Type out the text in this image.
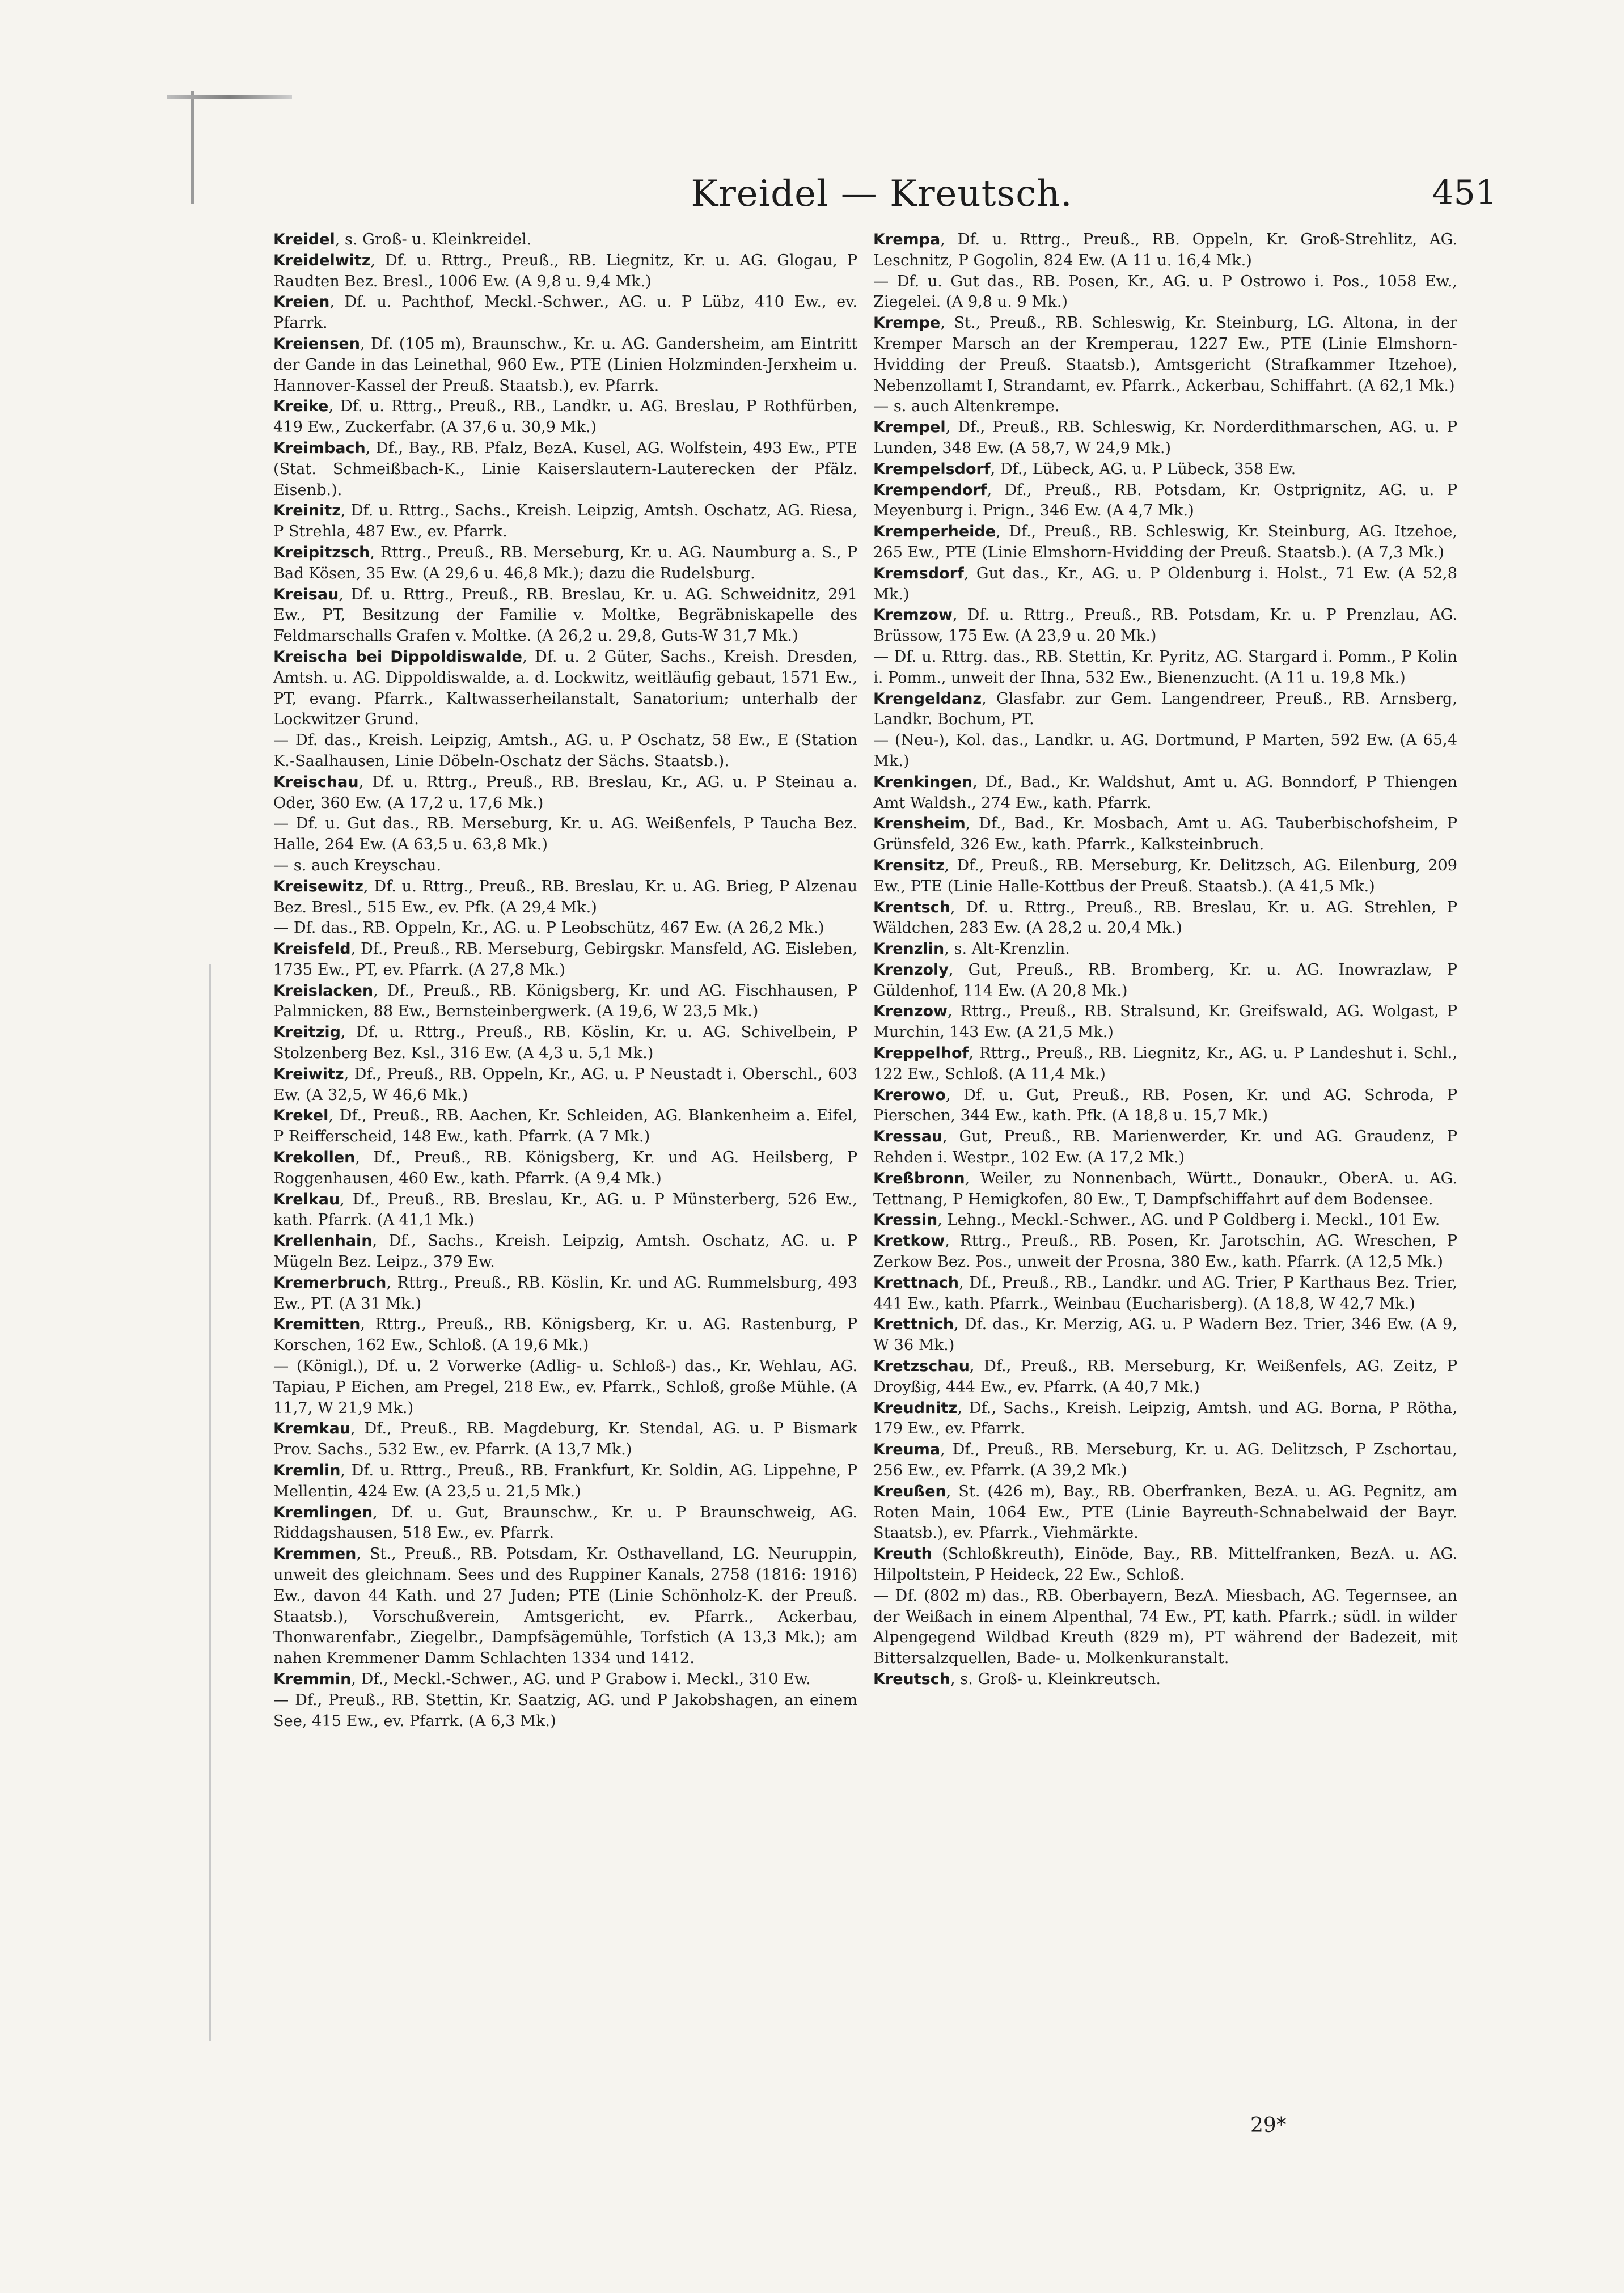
Kreidel — Kreutsch.	451

Kreidel, s. Groß- u. Kleinkreidel.

Kreidelwitz, Df. u. Rttrg., Preuß., RB. Liegnitz, Kr. u. AG. Glogau, P Raudten Bez. Bresl., 1006 Ew. (A 9,8 u. 9,4 Mk.)

Kreien, Df. u. Pachthof, Meckl.-Schwer., AG. u. P Lübz, 410 Ew., ev. Pfarrk.

Kreiensen, Df. (105 m), Braunschw., Kr. u. AG. Gandersheim, am Eintritt der Gande in das Leinethal, 960 Ew., PTE (Linien Holzminden-Jerxheim u. Hannover-Kassel der Preuß. Staatsb.), ev. Pfarrk.

Kreike, Df. u. Rttrg., Preuß., RB., Landkr. u. AG. Breslau, P Rothfürben, 419 Ew., Zuckerfabr. (A 37,6 u. 30,9 Mk.)

Kreimbach, Df., Bay., RB. Pfalz, BezA. Kusel, AG. Wolfstein, 493 Ew., PTE (Stat. Schmeißbach-K., Linie Kaiserslautern-Lauterecken der Pfälz. Eisenb.).

Kreinitz, Df. u. Rttrg., Sachs., Kreish. Leipzig, Amtsh. Oschatz, AG. Riesa, P Strehla, 487 Ew., ev. Pfarrk.

Kreipitzsch, Rttrg., Preuß., RB. Merseburg, Kr. u. AG. Naumburg a. S., P Bad Kösen, 35 Ew. (A 29,6 u. 46,8 Mk.); dazu die Rudelsburg.

Kreisau, Df. u. Rttrg., Preuß., RB. Breslau, Kr. u. AG. Schweidnitz, 291 Ew., PT, Besitzung der Familie v. Moltke, Begräbniskapelle des Feldmarschalls Grafen v. Moltke. (A 26,2 u. 29,8, Guts-W 31,7 Mk.)

Kreischa bei Dippoldiswalde, Df. u. 2 Güter, Sachs., Kreish. Dresden, Amtsh. u. AG. Dippoldiswalde, a. d. Lockwitz, weitläufig gebaut, 1571 Ew., PT, evang. Pfarrk., Kaltwasserheilanstalt, Sanatorium; unterhalb der Lockwitzer Grund.

— Df. das., Kreish. Leipzig, Amtsh., AG. u. P Oschatz, 58 Ew., E (Station K.-Saalhausen, Linie Döbeln-Oschatz der Sächs. Staatsb.).

Kreischau, Df. u. Rttrg., Preuß., RB. Breslau, Kr., AG. u. P Steinau a. Oder, 360 Ew. (A 17,2 u. 17,6 Mk.)

— Df. u. Gut das., RB. Merseburg, Kr. u. AG. Weißenfels, P Taucha Bez. Halle, 264 Ew. (A 63,5 u. 63,8 Mk.)

— s. auch Kreyschau.

Kreisewitz, Df. u. Rttrg., Preuß., RB. Breslau, Kr. u. AG. Brieg, P Alzenau Bez. Bresl., 515 Ew., ev. Pfk. (A 29,4 Mk.)

— Df. das., RB. Oppeln, Kr., AG. u. P Leobschütz, 467 Ew. (A 26,2 Mk.)

Kreisfeld, Df., Preuß., RB. Merseburg, Gebirgskr. Mansfeld, AG. Eisleben, 1735 Ew., PT, ev. Pfarrk. (A 27,8 Mk.)

Kreislacken, Df., Preuß., RB. Königsberg, Kr. und AG. Fischhausen, P Palmnicken, 88 Ew., Bernsteinbergwerk. (A 19,6, W 23,5 Mk.)

Kreitzig, Df. u. Rttrg., Preuß., RB. Köslin, Kr. u. AG. Schivelbein, P Stolzenberg Bez. Ksl., 316 Ew. (A 4,3 u. 5,1 Mk.)

Kreiwitz, Df., Preuß., RB. Oppeln, Kr., AG. u. P Neustadt i. Oberschl., 603 Ew. (A 32,5, W 46,6 Mk.)

Krekel, Df., Preuß., RB. Aachen, Kr. Schleiden, AG. Blankenheim a. Eifel, P Reifferscheid, 148 Ew., kath. Pfarrk. (A 7 Mk.)

Krekollen, Df., Preuß., RB. Königsberg, Kr. und AG. Heilsberg, P Roggenhausen, 460 Ew., kath. Pfarrk. (A 9,4 Mk.)

Krelkau, Df., Preuß., RB. Breslau, Kr., AG. u. P Münsterberg, 526 Ew., kath. Pfarrk. (A 41,1 Mk.)

Krellenhain, Df., Sachs., Kreish. Leipzig, Amtsh. Oschatz, AG. u. P Mügeln Bez. Leipz., 379 Ew.

Kremerbruch, Rttrg., Preuß., RB. Köslin, Kr. und AG. Rummelsburg, 493 Ew., PT. (A 31 Mk.)

Kremitten, Rttrg., Preuß., RB. Königsberg, Kr. u. AG. Rastenburg, P Korschen, 162 Ew., Schloß. (A 19,6 Mk.)

— (Königl.), Df. u. 2 Vorwerke (Adlig- u. Schloß-) das., Kr. Wehlau, AG. Tapiau, P Eichen, am Pregel, 218 Ew., ev. Pfarrk., Schloß, große Mühle. (A 11,7, W 21,9 Mk.)

Kremkau, Df., Preuß., RB. Magdeburg, Kr. Stendal, AG. u. P Bismark Prov. Sachs., 532 Ew., ev. Pfarrk. (A 13,7 Mk.)

Kremlin, Df. u. Rttrg., Preuß., RB. Frankfurt, Kr. Soldin, AG. Lippehne, P Mellentin, 424 Ew. (A 23,5 u. 21,5 Mk.)

Kremlingen, Df. u. Gut, Braunschw., Kr. u. P Braunschweig, AG. Riddagshausen, 518 Ew., ev. Pfarrk.

Kremmen, St., Preuß., RB. Potsdam, Kr. Osthavelland, LG. Neuruppin, unweit des gleichnam. Sees und des Ruppiner Kanals, 2758 (1816: 1916) Ew., davon 44 Kath. und 27 Juden; PTE (Linie Schönholz-K. der Preuß. Staatsb.), Vorschußverein, Amtsgericht, ev. Pfarrk., Ackerbau, Thonwarenfabr., Ziegelbr., Dampfsägemühle, Torfstich (A 13,3 Mk.); am nahen Kremmener Damm Schlachten 1334 und 1412.

Kremmin, Df., Meckl.-Schwer., AG. und P Grabow i. Meckl., 310 Ew.

— Df., Preuß., RB. Stettin, Kr. Saatzig, AG. und P Jakobshagen, an einem See, 415 Ew., ev. Pfarrk. (A 6,3 Mk.)

Krempa, Df. u. Rttrg., Preuß., RB. Oppeln, Kr. Groß-Strehlitz, AG. Leschnitz, P Gogolin, 824 Ew. (A 11 u. 16,4 Mk.)

— Df. u. Gut das., RB. Posen, Kr., AG. u. P Ostrowo i. Pos., 1058 Ew., Ziegelei. (A 9,8 u. 9 Mk.)

Krempe, St., Preuß., RB. Schleswig, Kr. Steinburg, LG. Altona, in der Kremper Marsch an der Kremperau, 1227 Ew., PTE (Linie Elmshorn-Hvidding der Preuß. Staatsb.), Amtsgericht (Strafkammer Itzehoe), Nebenzollamt I, Strandamt, ev. Pfarrk., Ackerbau, Schiffahrt. (A 62,1 Mk.)

— s. auch Altenkrempe.

Krempel, Df., Preuß., RB. Schleswig, Kr. Norderdithmarschen, AG. u. P Lunden, 348 Ew. (A 58,7, W 24,9 Mk.)

Krempelsdorf, Df., Lübeck, AG. u. P Lübeck, 358 Ew.

Krempendorf, Df., Preuß., RB. Potsdam, Kr. Ostprignitz, AG. u. P Meyenburg i. Prign., 346 Ew. (A 4,7 Mk.)

Kremperheide, Df., Preuß., RB. Schleswig, Kr. Steinburg, AG. Itzehoe, 265 Ew., PTE (Linie Elmshorn-Hvidding der Preuß. Staatsb.). (A 7,3 Mk.)

Kremsdorf, Gut das., Kr., AG. u. P Oldenburg i. Holst., 71 Ew. (A 52,8 Mk.)

Kremzow, Df. u. Rttrg., Preuß., RB. Potsdam, Kr. u. P Prenzlau, AG. Brüssow, 175 Ew. (A 23,9 u. 20 Mk.)

— Df. u. Rttrg. das., RB. Stettin, Kr. Pyritz, AG. Stargard i. Pomm., P Kolin i. Pomm., unweit der Ihna, 532 Ew., Bienenzucht. (A 11 u. 19,8 Mk.)

Krengeldanz, Glasfabr. zur Gem. Langendreer, Preuß., RB. Arnsberg, Landkr. Bochum, PT.

— (Neu-), Kol. das., Landkr. u. AG. Dortmund, P Marten, 592 Ew. (A 65,4 Mk.)

Krenkingen, Df., Bad., Kr. Waldshut, Amt u. AG. Bonndorf, P Thiengen Amt Waldsh., 274 Ew., kath. Pfarrk.

Krensheim, Df., Bad., Kr. Mosbach, Amt u. AG. Tauberbischofsheim, P Grünsfeld, 326 Ew., kath. Pfarrk., Kalksteinbruch.

Krensitz, Df., Preuß., RB. Merseburg, Kr. Delitzsch, AG. Eilenburg, 209 Ew., PTE (Linie Halle-Kottbus der Preuß. Staatsb.). (A 41,5 Mk.)

Krentsch, Df. u. Rttrg., Preuß., RB. Breslau, Kr. u. AG. Strehlen, P Wäldchen, 283 Ew. (A 28,2 u. 20,4 Mk.)

Krenzlin, s. Alt-Krenzlin.

Krenzoly, Gut, Preuß., RB. Bromberg, Kr. u. AG. Inowrazlaw, P Güldenhof, 114 Ew. (A 20,8 Mk.)

Krenzow, Rttrg., Preuß., RB. Stralsund, Kr. Greifswald, AG. Wolgast, P Murchin, 143 Ew. (A 21,5 Mk.)

Kreppelhof, Rttrg., Preuß., RB. Liegnitz, Kr., AG. u. P Landeshut i. Schl., 122 Ew., Schloß. (A 11,4 Mk.)

Krerowo, Df. u. Gut, Preuß., RB. Posen, Kr. und AG. Schroda, P Pierschen, 344 Ew., kath. Pfk. (A 18,8 u. 15,7 Mk.)

Kressau, Gut, Preuß., RB. Marienwerder, Kr. und AG. Graudenz, P Rehden i. Westpr., 102 Ew. (A 17,2 Mk.)

Kreßbronn, Weiler, zu Nonnenbach, Württ., Donaukr., OberA. u. AG. Tettnang, P Hemigkofen, 80 Ew., T, Dampfschiffahrt auf dem Bodensee.

Kressin, Lehng., Meckl.-Schwer., AG. und P Goldberg i. Meckl., 101 Ew.

Kretkow, Rttrg., Preuß., RB. Posen, Kr. Jarotschin, AG. Wreschen, P Zerkow Bez. Pos., unweit der Prosna, 380 Ew., kath. Pfarrk. (A 12,5 Mk.)

Krettnach, Df., Preuß., RB., Landkr. und AG. Trier, P Karthaus Bez. Trier, 441 Ew., kath. Pfarrk., Weinbau (Eucharisberg). (A 18,8, W 42,7 Mk.)

Krettnich, Df. das., Kr. Merzig, AG. u. P Wadern Bez. Trier, 346 Ew. (A 9, W 36 Mk.)

Kretzschau, Df., Preuß., RB. Merseburg, Kr. Weißenfels, AG. Zeitz, P Droyßig, 444 Ew., ev. Pfarrk. (A 40,7 Mk.)

Kreudnitz, Df., Sachs., Kreish. Leipzig, Amtsh. und AG. Borna, P Rötha, 179 Ew., ev. Pfarrk.

Kreuma, Df., Preuß., RB. Merseburg, Kr. u. AG. Delitzsch, P Zschortau, 256 Ew., ev. Pfarrk. (A 39,2 Mk.)

Kreußen, St. (426 m), Bay., RB. Oberfranken, BezA. u. AG. Pegnitz, am Roten Main, 1064 Ew., PTE (Linie Bayreuth-Schnabelwaid der Bayr. Staatsb.), ev. Pfarrk., Viehmärkte.

Kreuth (Schloßkreuth), Einöde, Bay., RB. Mittelfranken, BezA. u. AG. Hilpoltstein, P Heideck, 22 Ew., Schloß.

— Df. (802 m) das., RB. Oberbayern, BezA. Miesbach, AG. Tegernsee, an der Weißach in einem Alpenthal, 74 Ew., PT, kath. Pfarrk.; südl. in wilder Alpengegend Wildbad Kreuth (829 m), PT während der Badezeit, mit Bittersalzquellen, Bade- u. Molkenkuranstalt.

Kreutsch, s. Groß- u. Kleinkreutsch.

29*
